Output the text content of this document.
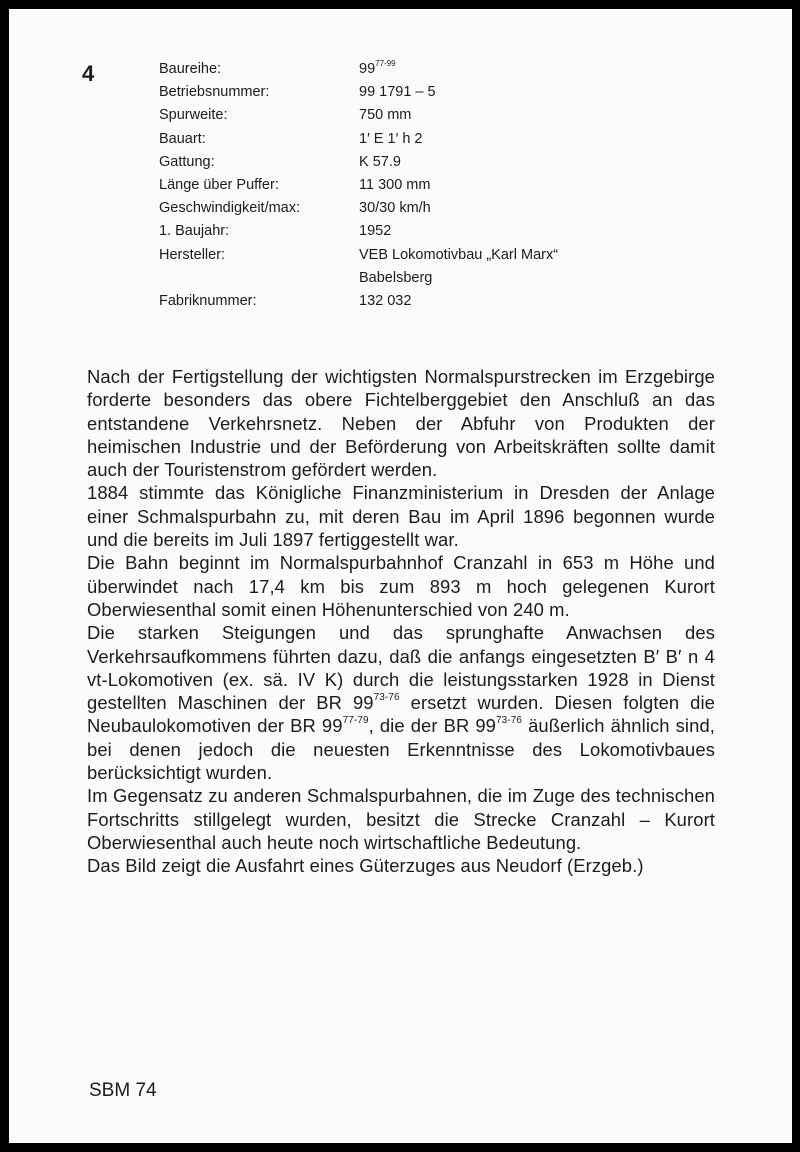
4	Baureihe:	99$^{77-99}$
Betriebsnummer:	99 1791 – 5
Spurweite:	750 mm
Bauart:	1′ E 1′ h 2
Gattung:	K 57.9
Länge über Puffer:	11 300 mm
Geschwindigkeit/max:	30/30 km/h
1. Baujahr:	1952
Hersteller:	VEB Lokomotivbau „Karl Marx“
	Babelsberg
Fabriknummer:	132 032

Nach der Fertigstellung der wichtigsten Normalspurstrecken im Erzgebirge forderte besonders das obere Fichtelberggebiet den Anschluß an das entstandene Verkehrsnetz. Neben der Abfuhr von Produkten der heimischen Industrie und der Beförderung von Arbeitskräften sollte damit auch der Touristenstrom gefördert werden.

1884 stimmte das Königliche Finanzministerium in Dresden der Anlage einer Schmalspurbahn zu, mit deren Bau im April 1896 begonnen wurde und die bereits im Juli 1897 fertiggestellt war.

Die Bahn beginnt im Normalspurbahnhof Cranzahl in 653 m Höhe und überwindet nach 17,4 km bis zum 893 m hoch gelegenen Kurort Oberwiesenthal somit einen Höhenunterschied von 240 m.

Die starken Steigungen und das sprunghafte Anwachsen des Verkehrsaufkommens führten dazu, daß die anfangs eingesetzten B′ B′ n 4 vt-Lokomotiven (ex. sä. IV K) durch die leistungsstarken 1928 in Dienst gestellten Maschinen der BR 99$^{73-76}$ ersetzt wurden. Diesen folgten die Neubaulokomotiven der BR 99$^{77-79}$, die der BR 99$^{73-76}$ äußerlich ähnlich sind, bei denen jedoch die neuesten Erkenntnisse des Lokomotivbaues berücksichtigt wurden.

Im Gegensatz zu anderen Schmalspurbahnen, die im Zuge des technischen Fortschritts stillgelegt wurden, besitzt die Strecke Cranzahl – Kurort Oberwiesenthal auch heute noch wirtschaftliche Bedeutung.

Das Bild zeigt die Ausfahrt eines Güterzuges aus Neudorf (Erzgeb.)

SBM 74
